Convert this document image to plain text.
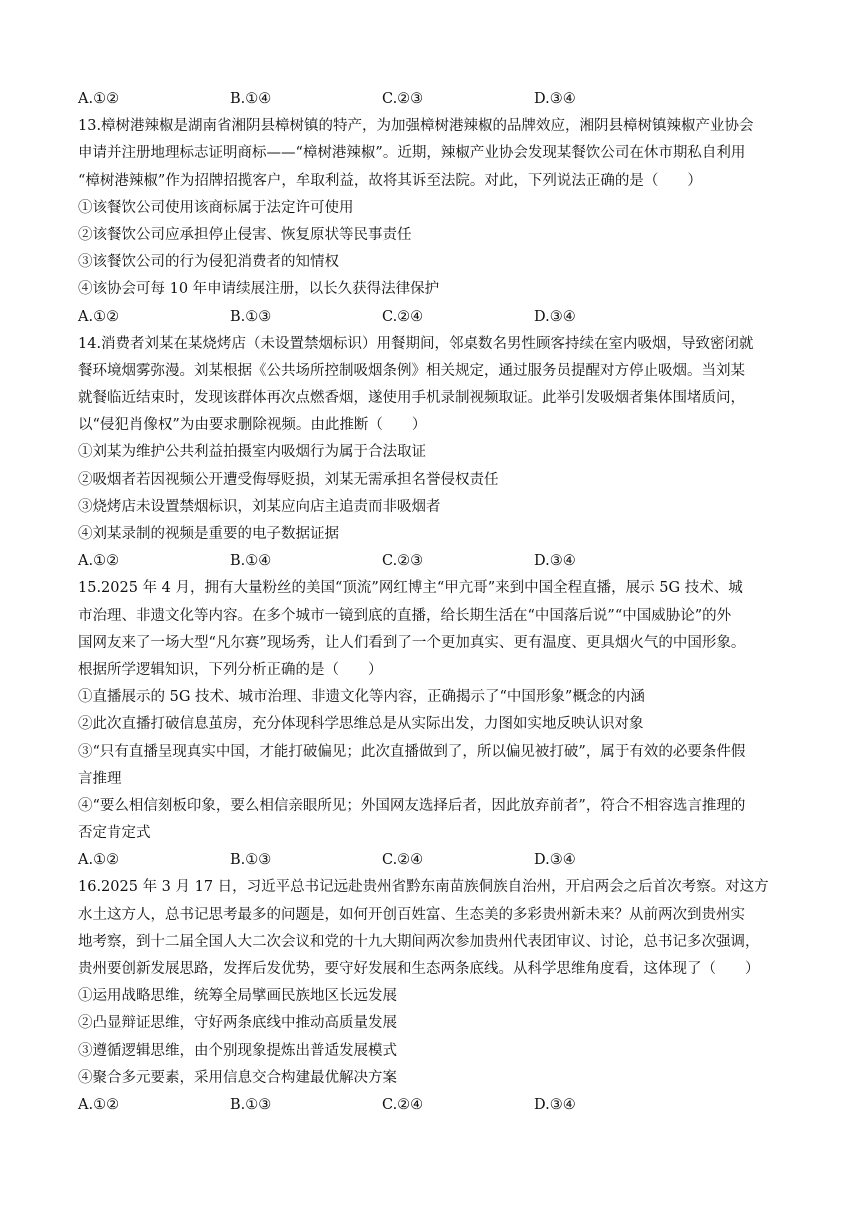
A.①②	B.①④	C.②③	D.③④
13.樟树港辣椒是湖南省湘阴县樟树镇的特产，为加强樟树港辣椒的品牌效应，湘阴县樟树镇辣椒产业协会
申请并注册地理标志证明商标——“樟树港辣椒”。近期，辣椒产业协会发现某餐饮公司在休市期私自利用
“樟树港辣椒”作为招牌招揽客户，牟取利益，故将其诉至法院。对此，下列说法正确的是（　　）
①该餐饮公司使用该商标属于法定许可使用
②该餐饮公司应承担停止侵害、恢复原状等民事责任
③该餐饮公司的行为侵犯消费者的知情权
④该协会可每 10 年申请续展注册，以长久获得法律保护
A.①②	B.①③	C.②④	D.③④
14.消费者刘某在某烧烤店（未设置禁烟标识）用餐期间，邻桌数名男性顾客持续在室内吸烟，导致密闭就
餐环境烟雾弥漫。刘某根据《公共场所控制吸烟条例》相关规定，通过服务员提醒对方停止吸烟。当刘某
就餐临近结束时，发现该群体再次点燃香烟，遂使用手机录制视频取证。此举引发吸烟者集体围堵质问，
以“侵犯肖像权”为由要求删除视频。由此推断（　　）
①刘某为维护公共利益拍摄室内吸烟行为属于合法取证
②吸烟者若因视频公开遭受侮辱贬损，刘某无需承担名誉侵权责任
③烧烤店未设置禁烟标识，刘某应向店主追责而非吸烟者
④刘某录制的视频是重要的电子数据证据
A.①②	B.①④	C.②③	D.③④
15.2025 年 4 月，拥有大量粉丝的美国“顶流”网红博主“甲亢哥”来到中国全程直播，展示 5G 技术、城
市治理、非遗文化等内容。在多个城市一镜到底的直播，给长期生活在“中国落后说”“中国威胁论”的外
国网友来了一场大型“凡尔赛”现场秀，让人们看到了一个更加真实、更有温度、更具烟火气的中国形象。
根据所学逻辑知识，下列分析正确的是（　　）
①直播展示的 5G 技术、城市治理、非遗文化等内容，正确揭示了“中国形象”概念的内涵
②此次直播打破信息茧房，充分体现科学思维总是从实际出发，力图如实地反映认识对象
③“只有直播呈现真实中国，才能打破偏见；此次直播做到了，所以偏见被打破”，属于有效的必要条件假
言推理
④“要么相信刻板印象，要么相信亲眼所见；外国网友选择后者，因此放弃前者”，符合不相容选言推理的
否定肯定式
A.①②	B.①③	C.②④	D.③④
16.2025 年 3 月 17 日，习近平总书记远赴贵州省黔东南苗族侗族自治州，开启两会之后首次考察。对这方
水土这方人，总书记思考最多的问题是，如何开创百姓富、生态美的多彩贵州新未来？从前两次到贵州实
地考察，到十二届全国人大二次会议和党的十九大期间两次参加贵州代表团审议、讨论，总书记多次强调，
贵州要创新发展思路，发挥后发优势，要守好发展和生态两条底线。从科学思维角度看，这体现了（　　）
①运用战略思维，统筹全局擘画民族地区长远发展
②凸显辩证思维，守好两条底线中推动高质量发展
③遵循逻辑思维，由个别现象提炼出普适发展模式
④聚合多元要素，采用信息交合构建最优解决方案
A.①②	B.①③	C.②④	D.③④
